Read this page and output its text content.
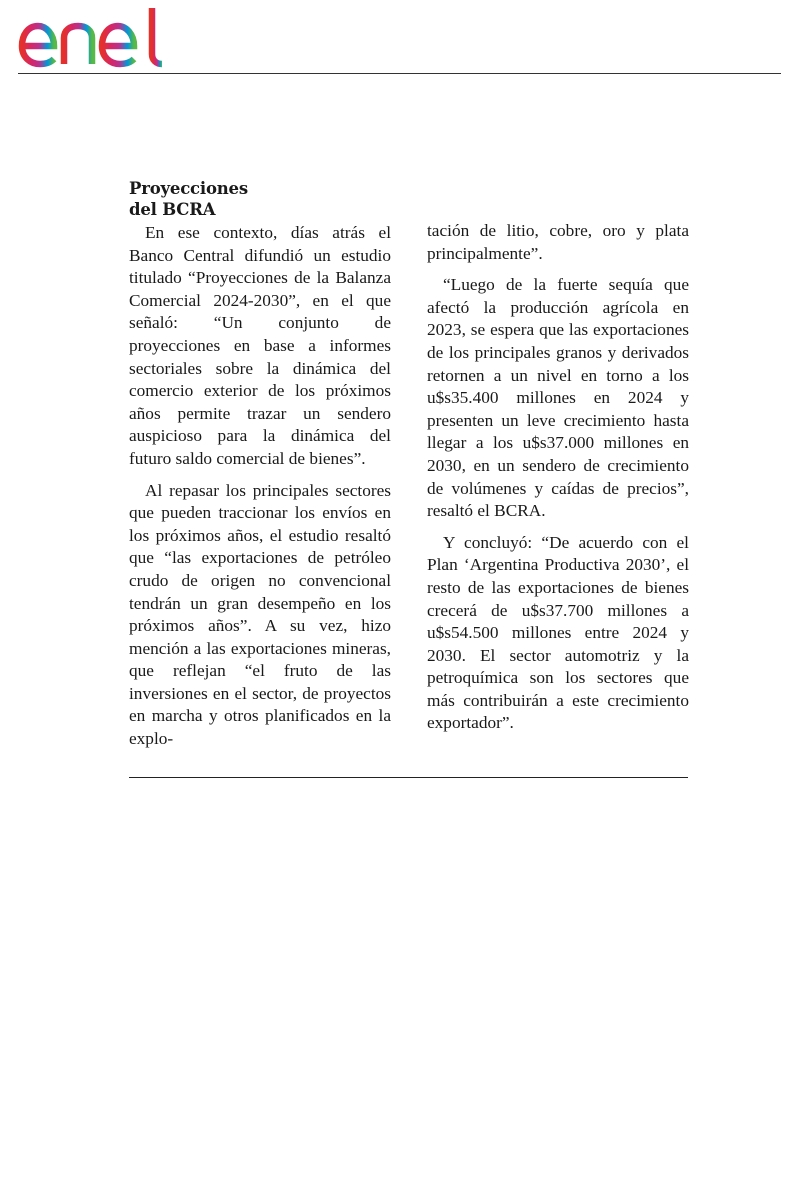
Proyecciones
del BCRA

En ese contexto, días atrás el Banco Central difundió un estudio titulado “Proyecciones de la Balanza Comercial 2024-2030”, en el que señaló: “Un conjunto de proyecciones en base a informes sectoriales sobre la dinámica del comercio exterior de los próximos años permite trazar un sendero auspicioso para la dinámica del futuro saldo comercial de bienes”.

Al repasar los principales sectores que pueden traccionar los envíos en los próximos años, el estudio resaltó que “las exportaciones de petróleo crudo de origen no convencional tendrán un gran desempeño en los próximos años”. A su vez, hizo mención a las exportaciones mineras, que reflejan “el fruto de las inversiones en el sector, de proyectos en marcha y otros planificados en la explo-

tación de litio, cobre, oro y plata principalmente”.

“Luego de la fuerte sequía que afectó la producción agrícola en 2023, se espera que las exportaciones de los principales granos y derivados retornen a un nivel en torno a los u$s35.400 millones en 2024 y presenten un leve crecimiento hasta llegar a los u$s37.000 millones en 2030, en un sendero de crecimiento de volúmenes y caídas de precios”, resaltó el BCRA.

Y concluyó: “De acuerdo con el Plan ‘Argentina Productiva 2030’, el resto de las exportaciones de bienes crecerá de u$s37.700 millones a u$s54.500 millones entre 2024 y 2030. El sector automotriz y la petroquímica son los sectores que más contribuirán a este crecimiento exportador”.
